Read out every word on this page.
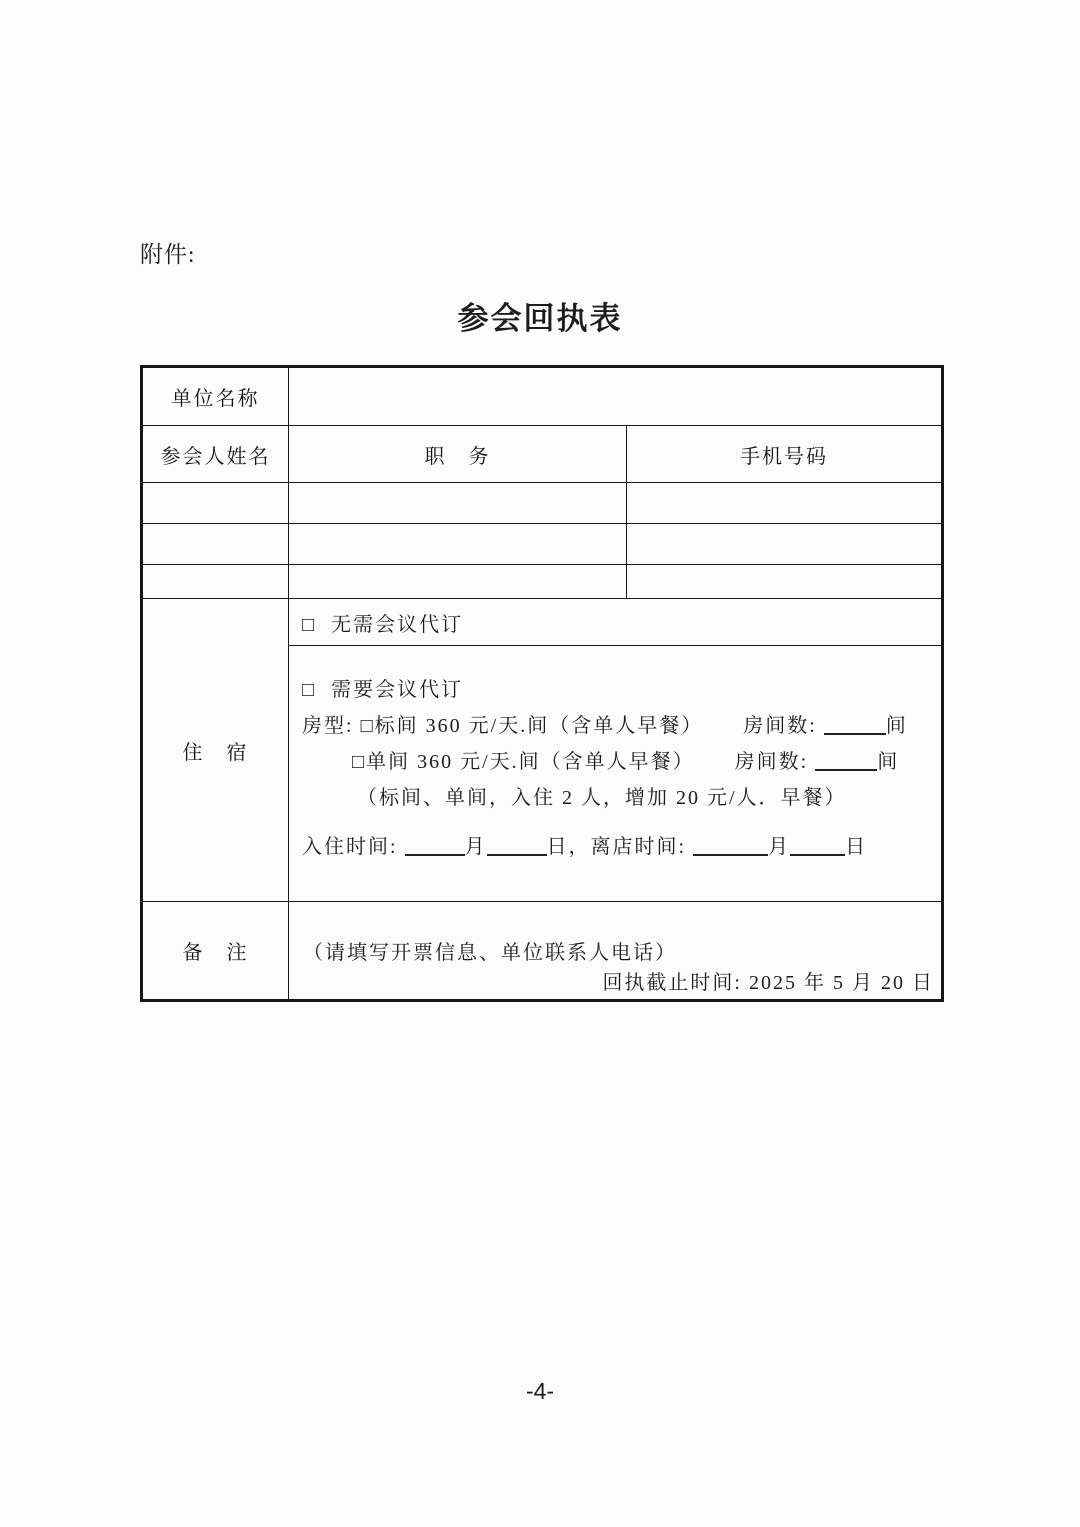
附件:
参会回执表
单位名称		
参会人姓名	职　务	手机号码

住　宿	□ 无需会议代订	

	□ 需要会议代订
房型: □标间 360 元/天.间（含单人早餐） 房间数: 间
□单间 360 元/天.间（含单人早餐） 房间数: 间
（标间、单间，入住 2 人，增加 20 元/人．早餐）
入住时间: 月 日，离店时间: 月 日	

备　注	（请填写开票信息、单位联系人电话）	
回执截止时间: 2025 年 5 月 20 日
-4-
